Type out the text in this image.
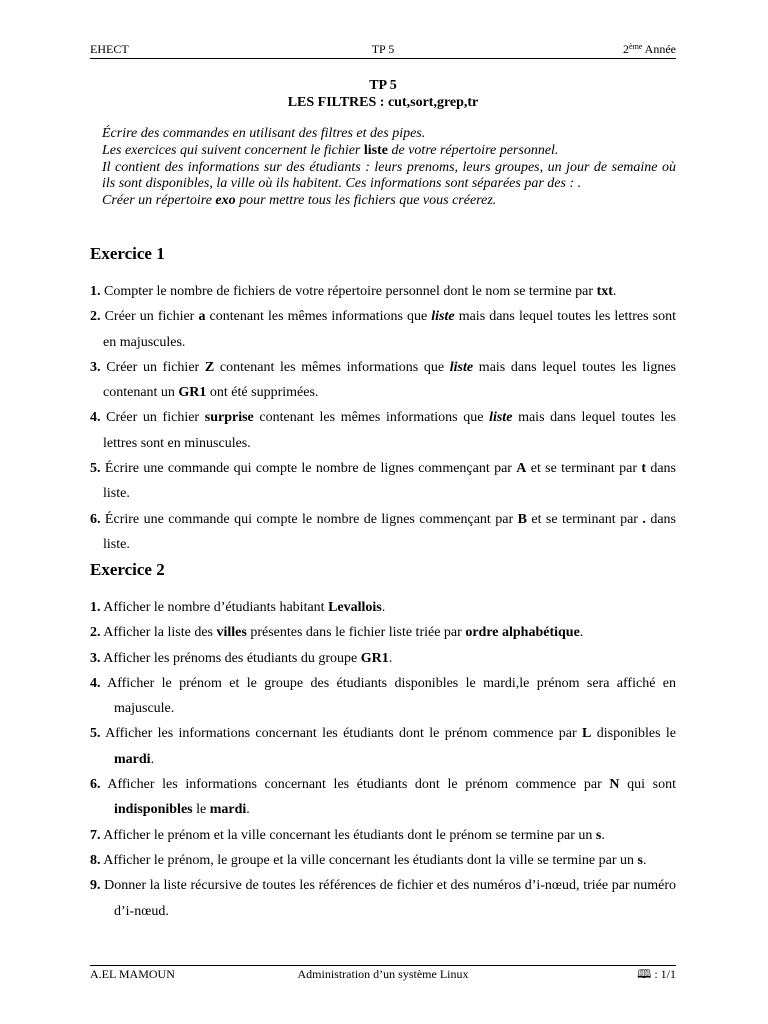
EHECT	TP 5	2ème Année
TP 5
LES FILTRES : cut,sort,grep,tr

Écrire des commandes en utilisant des filtres et des pipes.

Les exercices qui suivent concernent le fichier liste de votre répertoire personnel.

Il contient des informations sur des étudiants : leurs prenoms, leurs groupes, un jour de semaine où ils sont disponibles, la ville où ils habitent. Ces informations sont séparées par des : .

Créer un répertoire exo pour mettre tous les fichiers que vous créerez.

Exercice 1
1. Compter le nombre de fichiers de votre répertoire personnel dont le nom se termine par txt.
2. Créer un fichier a contenant les mêmes informations que liste mais dans lequel toutes les lettres sont en majuscules.
3. Créer un fichier Z contenant les mêmes informations que liste mais dans lequel toutes les lignes contenant un GR1 ont été supprimées.
4. Créer un fichier surprise contenant les mêmes informations que liste mais dans lequel toutes les lettres sont en minuscules.
5. Écrire une commande qui compte le nombre de lignes commençant par A et se terminant par t dans liste.
6. Écrire une commande qui compte le nombre de lignes commençant par B et se terminant par . dans liste.
Exercice 2
1. Afficher le nombre d’étudiants habitant Levallois.
2. Afficher la liste des villes présentes dans le fichier liste triée par ordre alphabétique.
3. Afficher les prénoms des étudiants du groupe GR1.
4. Afficher le prénom et le groupe des étudiants disponibles le mardi,le prénom sera affiché en majuscule.
5. Afficher les informations concernant les étudiants dont le prénom commence par L disponibles le mardi.
6. Afficher les informations concernant les étudiants dont le prénom commence par N qui sont indisponibles le mardi.
7. Afficher le prénom et la ville concernant les étudiants dont le prénom se termine par un s.
8. Afficher le prénom, le groupe et la ville concernant les étudiants dont la ville se termine par un s.
9. Donner la liste récursive de toutes les références de fichier et des numéros d’i-nœud, triée par numéro d’i-nœud.
A.EL MAMOUN	Administration d’un système Linux	🕮 : 1/1
